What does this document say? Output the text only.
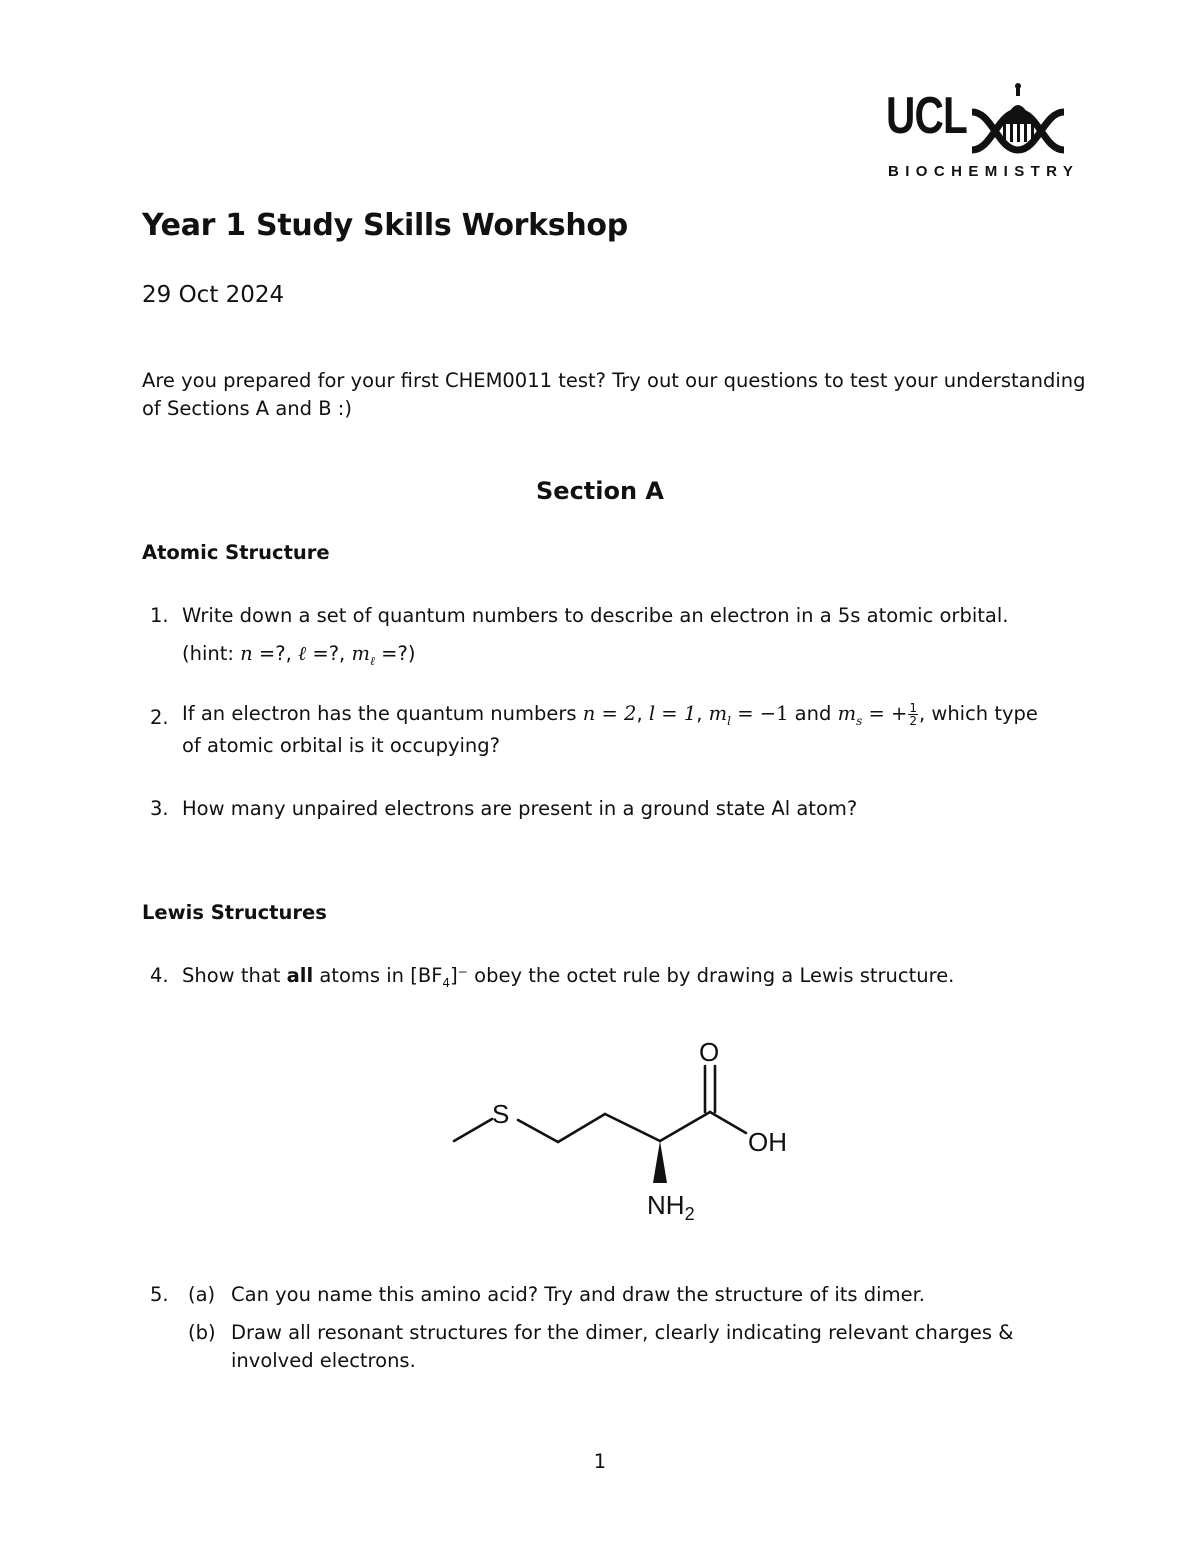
UCL
BIOCHEMISTRY
Year 1 Study Skills Workshop
29 Oct 2024
Are you prepared for your first CHEM0011 test? Try out our questions to test your understanding
of Sections A and B :)
Section A
Atomic Structure
1. Write down a set of quantum numbers to describe an electron in a 5s atomic orbital.
(hint: n =?, ℓ =?, $m_\ell$ =?)
2. If an electron has the quantum numbers n = 2, l = 1, $m_l = -1$ and $m_s$ = + $\frac{1}{2}$ , which type
of atomic orbital is it occupying?
3. How many unpaired electrons are present in a ground state Al atom?
Lewis Structures
4. Show that all atoms in $[BF_4]^-$ obey the octet rule by drawing a Lewis structure.
S
O
OH
$NH_2$
5. (a) Can you name this amino acid? Try and draw the structure of its dimer.
(b) Draw all resonant structures for the dimer, clearly indicating relevant charges &
involved electrons.
1
